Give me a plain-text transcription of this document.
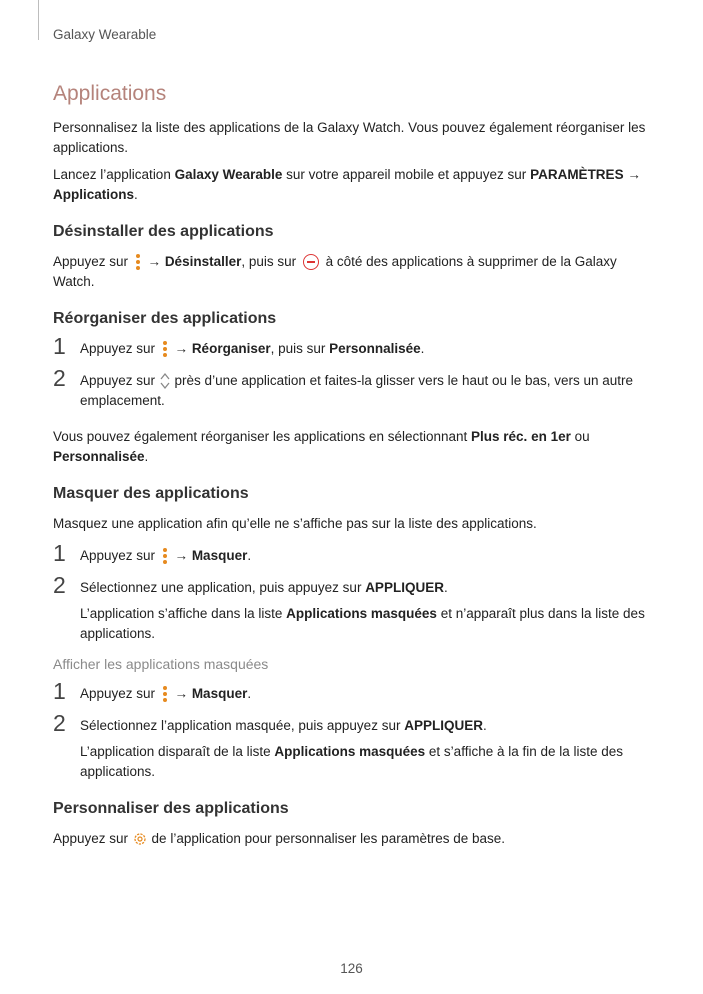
Galaxy Wearable
Applications

Personnalisez la liste des applications de la Galaxy Watch. Vous pouvez également réorganiser les applications.

Lancez l’application Galaxy Wearable sur votre appareil mobile et appuyez sur PARAMÈTRES → Applications.

Désinstaller des applications

Appuyez sur
→ Désinstaller, puis sur  à côté des applications à supprimer de la Galaxy Watch.

Réorganiser des applications
1 Appuyez sur
→ Réorganiser, puis sur Personnalisée.

2 Appuyez sur  près d’une application et faites-la glisser vers le haut ou le bas, vers un autre emplacement.

Vous pouvez également réorganiser les applications en sélectionnant Plus réc. en 1er ou Personnalisée.

Masquer des applications

Masquez une application afin qu’elle ne s’affiche pas sur la liste des applications.

1 Appuyez sur
→ Masquer.

2 Sélectionnez une application, puis appuyez sur APPLIQUER.

L’application s’affiche dans la liste Applications masquées et n’apparaît plus dans la liste des applications.

Afficher les applications masquées
1 Appuyez sur
→ Masquer.

2 Sélectionnez l’application masquée, puis appuyez sur APPLIQUER.

L’application disparaît de la liste Applications masquées et s’affiche à la fin de la liste des applications.

Personnaliser des applications

Appuyez sur  de l’application pour personnaliser les paramètres de base.

126
